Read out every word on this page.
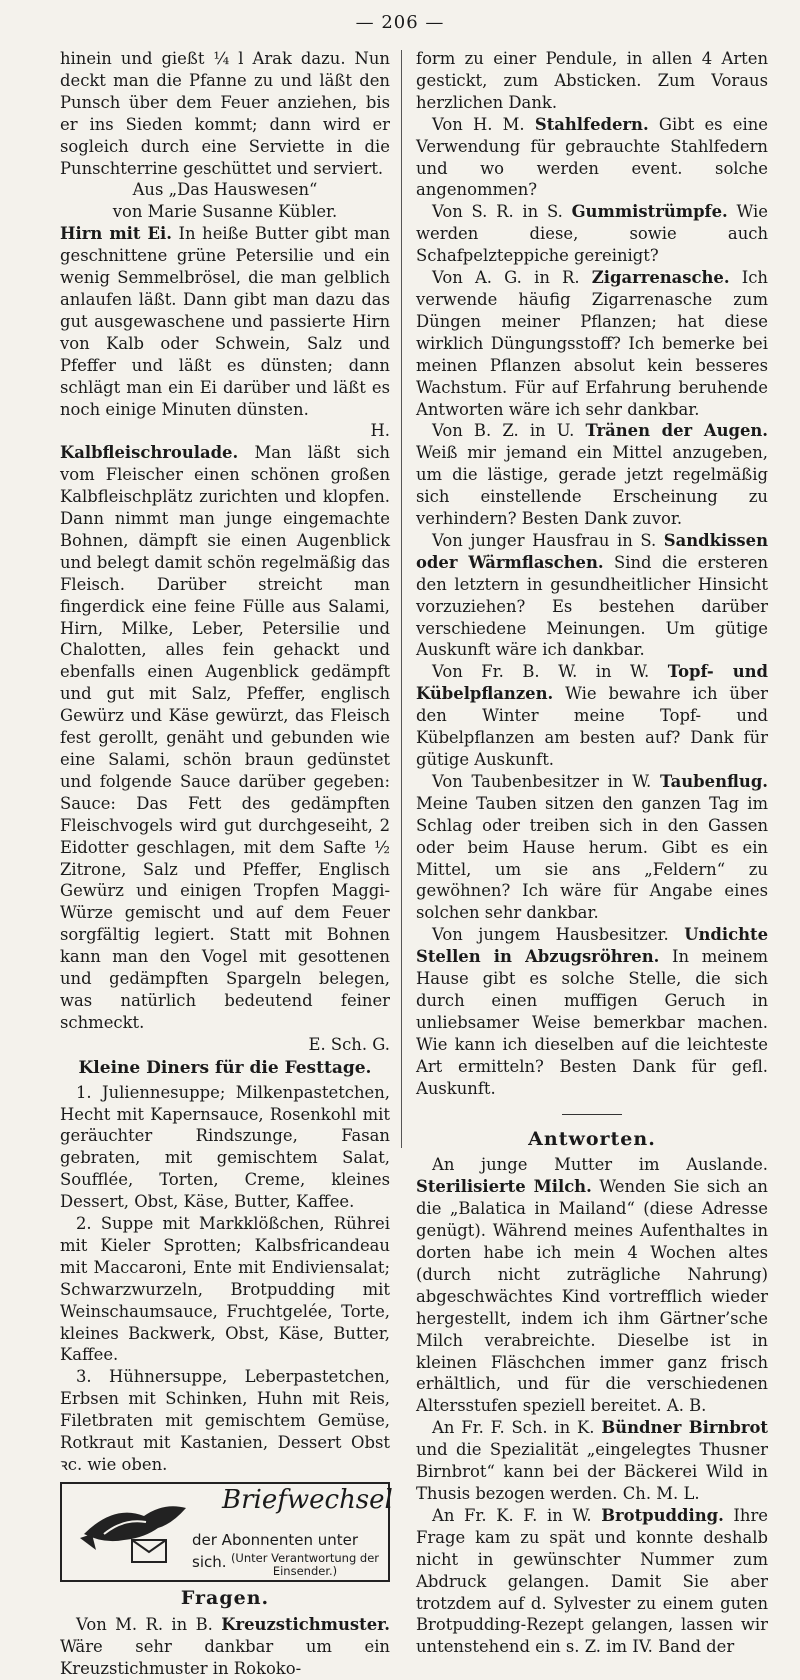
— 206 —

hinein und gießt ¼ l Arak dazu. Nun deckt man die Pfanne zu und läßt den Punsch über dem Feuer anziehen, bis er ins Sieden kommt; dann wird er sogleich durch eine Serviette in die Punschterrine geschüttet und serviert.

Aus „Das Hauswesen“

von Marie Susanne Kübler.

Hirn mit Ei. In heiße Butter gibt man geschnittene grüne Petersilie und ein wenig Semmelbrösel, die man gelblich anlaufen läßt. Dann gibt man dazu das gut ausgewaschene und passierte Hirn von Kalb oder Schwein, Salz und Pfeffer und läßt es dünsten; dann schlägt man ein Ei darüber und läßt es noch einige Minuten dünsten.

H.

Kalbfleischroulade. Man läßt sich vom Fleischer einen schönen großen Kalbfleischplätz zurichten und klopfen. Dann nimmt man junge eingemachte Bohnen, dämpft sie einen Augenblick und belegt damit schön regelmäßig das Fleisch. Darüber streicht man fingerdick eine feine Fülle aus Salami, Hirn, Milke, Leber, Petersilie und Chalotten, alles fein gehackt und ebenfalls einen Augenblick gedämpft und gut mit Salz, Pfeffer, englisch Gewürz und Käse gewürzt, das Fleisch fest gerollt, genäht und gebunden wie eine Salami, schön braun gedünstet und folgende Sauce darüber gegeben: Sauce: Das Fett des gedämpften Fleischvogels wird gut durchgeseiht, 2 Eidotter geschlagen, mit dem Safte ½ Zitrone, Salz und Pfeffer, Englisch Gewürz und einigen Tropfen Maggi-Würze gemischt und auf dem Feuer sorgfältig legiert. Statt mit Bohnen kann man den Vogel mit gesottenen und gedämpften Spargeln belegen, was natürlich bedeutend feiner schmeckt.

E. Sch. G.

Kleine Diners für die Festtage.

1. Juliennesuppe; Milkenpastetchen, Hecht mit Kapernsauce, Rosenkohl mit geräuchter Rindszunge, Fasan gebraten, mit gemischtem Salat, Soufflée, Torten, Creme, kleines Dessert, Obst, Käse, Butter, Kaffee.

2. Suppe mit Markklößchen, Rührei mit Kieler Sprotten; Kalbsfricandeau mit Maccaroni, Ente mit Endiviensalat; Schwarzwurzeln, Brotpudding mit Weinschaumsauce, Fruchtgelée, Torte, kleines Backwerk, Obst, Käse, Butter, Kaffee.

3. Hühnersuppe, Leberpastetchen, Erbsen mit Schinken, Huhn mit Reis, Filetbraten mit gemischtem Gemüse, Rotkraut mit Kastanien, Dessert Obst ꝛc. wie oben.

Briefwechsel
der Abonnenten unter sich. (Unter Verantwortung der Einsender.)
Fragen.

Von M. R. in B. Kreuzstichmuster. Wäre sehr dankbar um ein Kreuzstichmuster in Rokoko-

form zu einer Pendule, in allen 4 Arten gestickt, zum Absticken. Zum Voraus herzlichen Dank.

Von H. M. Stahlfedern. Gibt es eine Verwendung für gebrauchte Stahlfedern und wo werden event. solche angenommen?

Von S. R. in S. Gummistrümpfe. Wie werden diese, sowie auch Schafpelzteppiche gereinigt?

Von A. G. in R. Zigarrenasche. Ich verwende häufig Zigarrenasche zum Düngen meiner Pflanzen; hat diese wirklich Düngungsstoff? Ich bemerke bei meinen Pflanzen absolut kein besseres Wachstum. Für auf Erfahrung beruhende Antworten wäre ich sehr dankbar.

Von B. Z. in U. Tränen der Augen. Weiß mir jemand ein Mittel anzugeben, um die lästige, gerade jetzt regelmäßig sich einstellende Erscheinung zu verhindern? Besten Dank zuvor.

Von junger Hausfrau in S. Sandkissen oder Wärmflaschen. Sind die ersteren den letztern in gesundheitlicher Hinsicht vorzuziehen? Es bestehen darüber verschiedene Meinungen. Um gütige Auskunft wäre ich dankbar.

Von Fr. B. W. in W. Topf- und Kübelpflanzen. Wie bewahre ich über den Winter meine Topf- und Kübelpflanzen am besten auf? Dank für gütige Auskunft.

Von Taubenbesitzer in W. Taubenflug. Meine Tauben sitzen den ganzen Tag im Schlag oder treiben sich in den Gassen oder beim Hause herum. Gibt es ein Mittel, um sie ans „Feldern“ zu gewöhnen? Ich wäre für Angabe eines solchen sehr dankbar.

Von jungem Hausbesitzer. Undichte Stellen in Abzugsröhren. In meinem Hause gibt es solche Stelle, die sich durch einen muffigen Geruch in unliebsamer Weise bemerkbar machen. Wie kann ich dieselben auf die leichteste Art ermitteln? Besten Dank für gefl. Auskunft.

Antworten.

An junge Mutter im Auslande. Sterilisierte Milch. Wenden Sie sich an die „Balatica in Mailand“ (diese Adresse genügt). Während meines Aufenthaltes in dorten habe ich mein 4 Wochen altes (durch nicht zuträgliche Nahrung) abgeschwächtes Kind vortrefflich wieder hergestellt, indem ich ihm Gärtner’sche Milch verabreichte. Dieselbe ist in kleinen Fläschchen immer ganz frisch erhältlich, und für die verschiedenen Altersstufen speziell bereitet. A. B.

An Fr. F. Sch. in K. Bündner Birnbrot und die Spezialität „eingelegtes Thusner Birnbrot“ kann bei der Bäckerei Wild in Thusis bezogen werden. Ch. M. L.

An Fr. K. F. in W. Brotpudding. Ihre Frage kam zu spät und konnte deshalb nicht in gewünschter Nummer zum Abdruck gelangen. Damit Sie aber trotzdem auf d. Sylvester zu einem guten Brotpudding-Rezept gelangen, lassen wir untenstehend ein s. Z. im IV. Band der
